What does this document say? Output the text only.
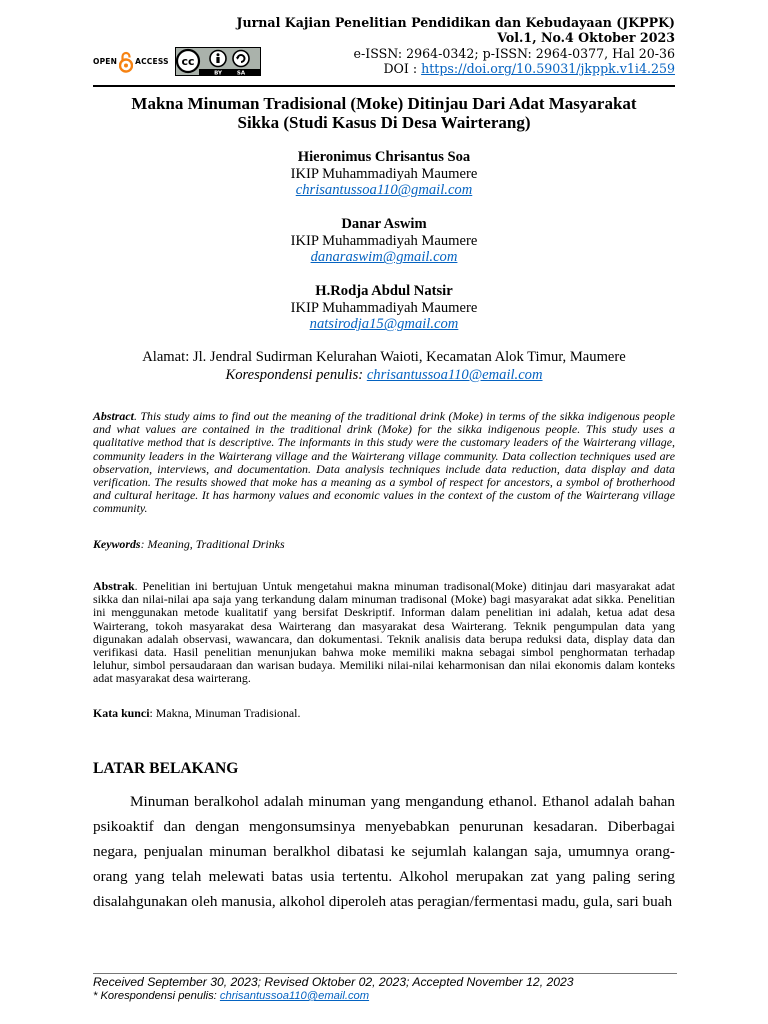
OPEN ACCESS cc
BY	SA
Jurnal Kajian Penelitian Pendidikan dan Kebudayaan (JKPPK)
Vol.1, No.4 Oktober 2023
e-ISSN: 2964-0342; p-ISSN: 2964-0377, Hal 20-36
DOI : https://doi.org/10.59031/jkppk.v1i4.259
Makna Minuman Tradisional (Moke) Ditinjau Dari Adat Masyarakat
Sikka (Studi Kasus Di Desa Wairterang)
Hieronimus Chrisantus Soa
IKIP Muhammadiyah Maumere
chrisantussoa110@gmail.com
Danar Aswim
IKIP Muhammadiyah Maumere
danaraswim@gmail.com
H.Rodja Abdul Natsir
IKIP Muhammadiyah Maumere
natsirodja15@gmail.com
Alamat: Jl. Jendral Sudirman Kelurahan Waioti, Kecamatan Alok Timur, Maumere
Korespondensi penulis: chrisantussoa110@email.com
Abstract. This study aims to find out the meaning of the traditional drink (Moke) in terms of the sikka indigenous people and what values are contained in the traditional drink (Moke) for the sikka indigenous people. This study uses a qualitative method that is descriptive. The informants in this study were the customary leaders of the Wairterang village, community leaders in the Wairterang village and the Wairterang village community. Data collection techniques used are observation, interviews, and documentation. Data analysis techniques include data reduction, data display and data verification. The results showed that moke has a meaning as a symbol of respect for ancestors, a symbol of brotherhood and cultural heritage. It has harmony values and economic values in the context of the custom of the Wairterang village community.
Keywords: Meaning, Traditional Drinks
Abstrak. Penelitian ini bertujuan Untuk mengetahui makna minuman tradisonal(Moke) ditinjau dari masyarakat adat sikka dan nilai-nilai apa saja yang terkandung dalam minuman tradisonal (Moke) bagi masyarakat adat sikka. Penelitian ini menggunakan metode kualitatif yang bersifat Deskriptif. Informan dalam penelitian ini adalah, ketua adat desa Wairterang, tokoh masyarakat desa Wairterang dan masyarakat desa Wairterang. Teknik pengumpulan data yang digunakan adalah observasi, wawancara, dan dokumentasi. Teknik analisis data berupa reduksi data, display data dan verifikasi data. Hasil penelitian menunjukan bahwa moke memiliki makna sebagai simbol penghormatan terhadap leluhur, simbol persaudaraan dan warisan budaya. Memiliki nilai-nilai keharmonisan dan nilai ekonomis dalam konteks adat masyarakat desa wairterang.
Kata kunci: Makna, Minuman Tradisional.
LATAR BELAKANG
Minuman beralkohol adalah minuman yang mengandung ethanol. Ethanol adalah bahan psikoaktif dan dengan mengonsumsinya menyebabkan penurunan kesadaran. Diberbagai negara, penjualan minuman beralkhol dibatasi ke sejumlah kalangan saja, umumnya orang-orang yang telah melewati batas usia tertentu. Alkohol merupakan zat yang paling sering disalahgunakan oleh manusia, alkohol diperoleh atas peragian/fermentasi madu, gula, sari buah
Received September 30, 2023; Revised Oktober 02, 2023; Accepted November 12, 2023
* Korespondensi penulis: chrisantussoa110@email.com
